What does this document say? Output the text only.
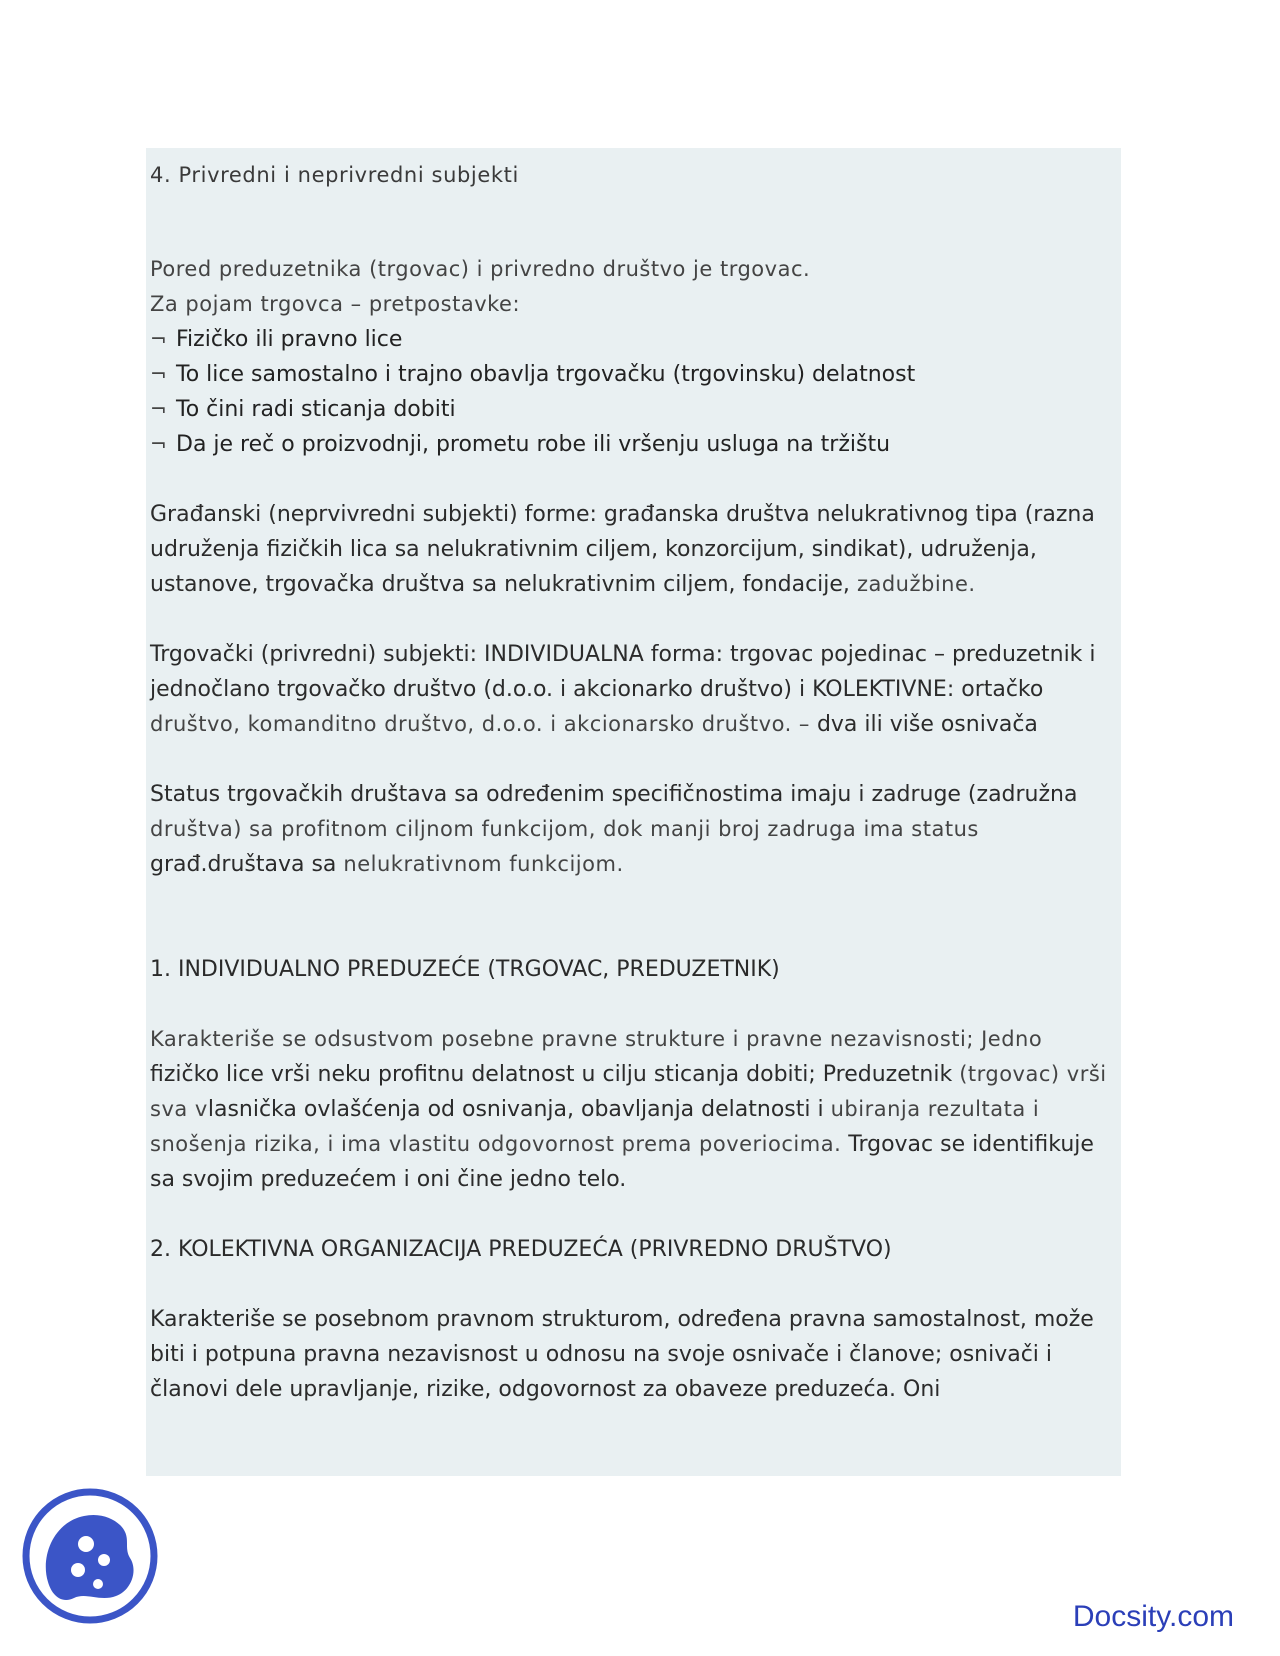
4. Privredni i neprivredni subjekti

Pored preduzetnika (trgovac) i privredno društvo je trgovac.

Za pojam trgovca – pretpostavke:

¬ Fizičko ili pravno lice
¬ To lice samostalno i trajno obavlja trgovačku (trgovinsku) delatnost
¬ To čini radi sticanja dobiti
¬ Da je reč o proizvodnji, prometu robe ili vršenju usluga na tržištu

Građanski (neprvivredni subjekti) forme: građanska društva nelukrativnog tipa (razna udruženja fizičkih lica sa nelukrativnim ciljem, konzorcijum, sindikat), udruženja, ustanove, trgovačka društva sa nelukrativnim ciljem, fondacije, zadužbine.

Trgovački (privredni) subjekti: INDIVIDUALNA forma: trgovac pojedinac – preduzetnik i jednočlano trgovačko društvo (d.o.o. i akcionarko društvo) i KOLEKTIVNE: ortačko društvo, komanditno društvo, d.o.o. i akcionarsko društvo. – dva ili više osnivača

Status trgovačkih društava sa određenim specifičnostima imaju i zadruge (zadružna društva) sa profitnom ciljnom funkcijom, dok manji broj zadruga ima status građ.društava sa nelukrativnom funkcijom.

1. INDIVIDUALNO PREDUZEĆE (TRGOVAC, PREDUZETNIK)

Karakteriše se odsustvom posebne pravne strukture i pravne nezavisnosti; Jedno fizičko lice vrši neku profitnu delatnost u cilju sticanja dobiti; Preduzetnik (trgovac) vrši sva vlasnička ovlašćenja od osnivanja, obavljanja delatnosti i ubiranja rezultata i snošenja rizika, i ima vlastitu odgovornost prema poveriocima. Trgovac se identifikuje sa svojim preduzećem i oni čine jedno telo.

2. KOLEKTIVNA ORGANIZACIJA PREDUZEĆA (PRIVREDNO DRUŠTVO)

Karakteriše se posebnom pravnom strukturom, određena pravna samostalnost, može biti i potpuna pravna nezavisnost u odnosu na svoje osnivače i članove; osnivači i članovi dele upravljanje, rizike, odgovornost za obaveze preduzeća. Oni

Docsity.com
